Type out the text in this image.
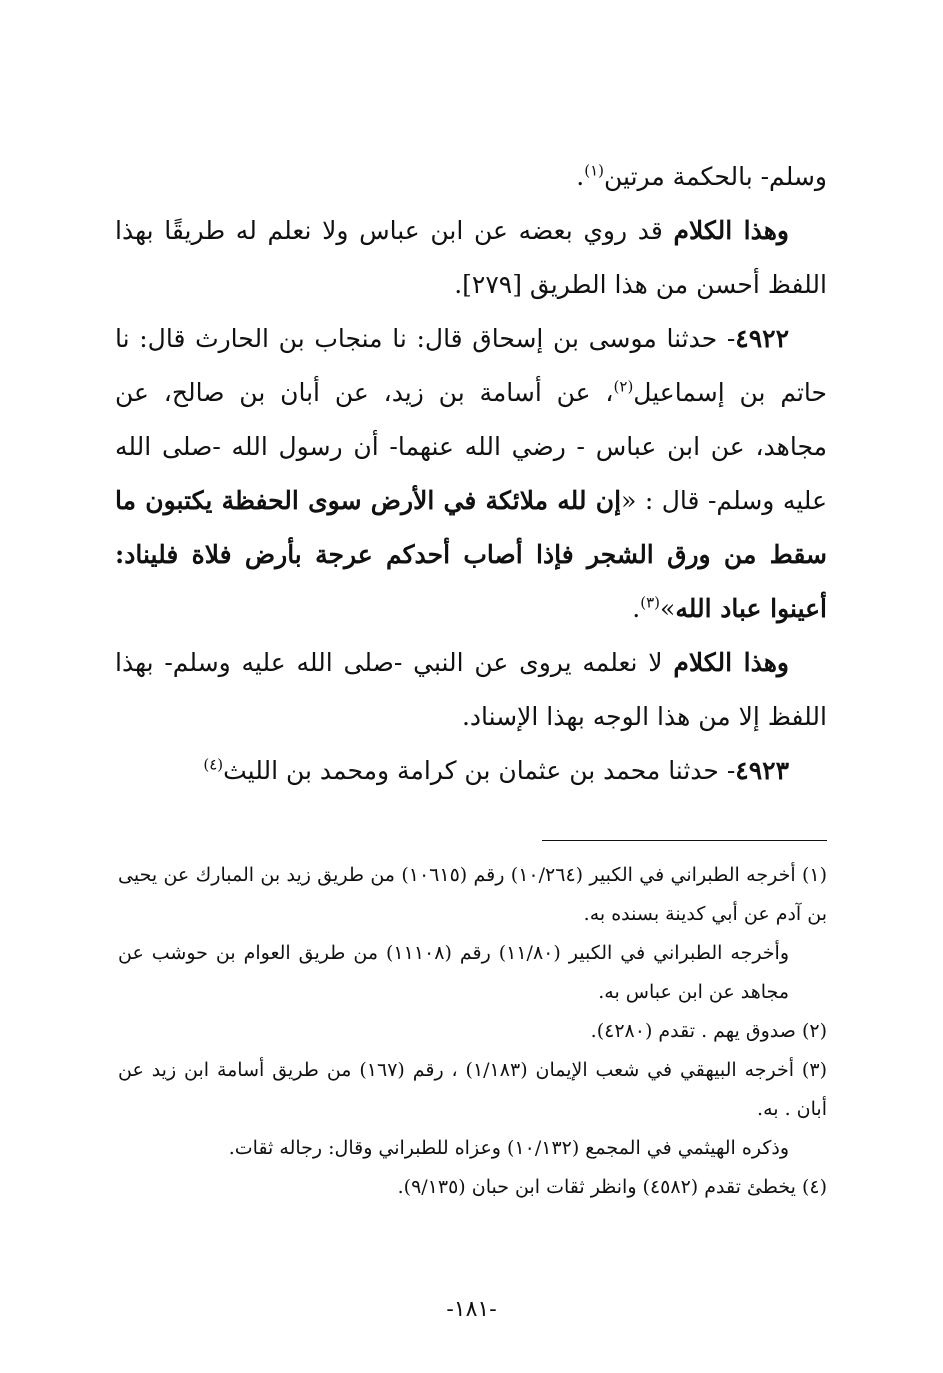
وسلم- بالحكمة مرتين$^{(١)}$.

وهذا الكلام قد روي بعضه عن ابن عباس ولا نعلم له طريقًا بهذا اللفظ أحسن من هذا الطريق [٢٧٩].

٤٩٢٢- حدثنا موسى بن إسحاق قال: نا منجاب بن الحارث قال: نا حاتم بن إسماعيل$^{(٢)}$، عن أسامة بن زيد، عن أبان بن صالح، عن مجاهد، عن ابن عباس - رضي الله عنهما- أن رسول الله -صلى الله عليه وسلم- قال : «إن لله ملائكة في الأرض سوى الحفظة يكتبون ما سقط من ورق الشجر فإذا أصاب أحدكم عرجة بأرض فلاة فليناد: أعينوا عباد الله»$^{(٣)}$.

وهذا الكلام لا نعلمه يروى عن النبي -صلى الله عليه وسلم- بهذا اللفظ إلا من هذا الوجه بهذا الإسناد.

٤٩٢٣- حدثنا محمد بن عثمان بن كرامة ومحمد بن الليث$^{(٤)}$

(١) أخرجه الطبراني في الكبير (١٠/٢٦٤) رقم (١٠٦١٥) من طريق زيد بن المبارك عن يحيى بن آدم عن أبي كدينة بسنده به.

وأخرجه الطبراني في الكبير (١١/٨٠) رقم (١١١٠٨) من طريق العوام بن حوشب عن مجاهد عن ابن عباس به.

(٢) صدوق يهم . تقدم (٤٢٨٠).

(٣) أخرجه البيهقي في شعب الإيمان (١/١٨٣) ، رقم (١٦٧) من طريق أسامة ابن زيد عن أبان . به.

وذكره الهيثمي في المجمع (١٠/١٣٢) وعزاه للطبراني وقال: رجاله ثقات.

(٤) يخطئ تقدم (٤٥٨٢) وانظر ثقات ابن حبان (٩/١٣٥).

-١٨١-
